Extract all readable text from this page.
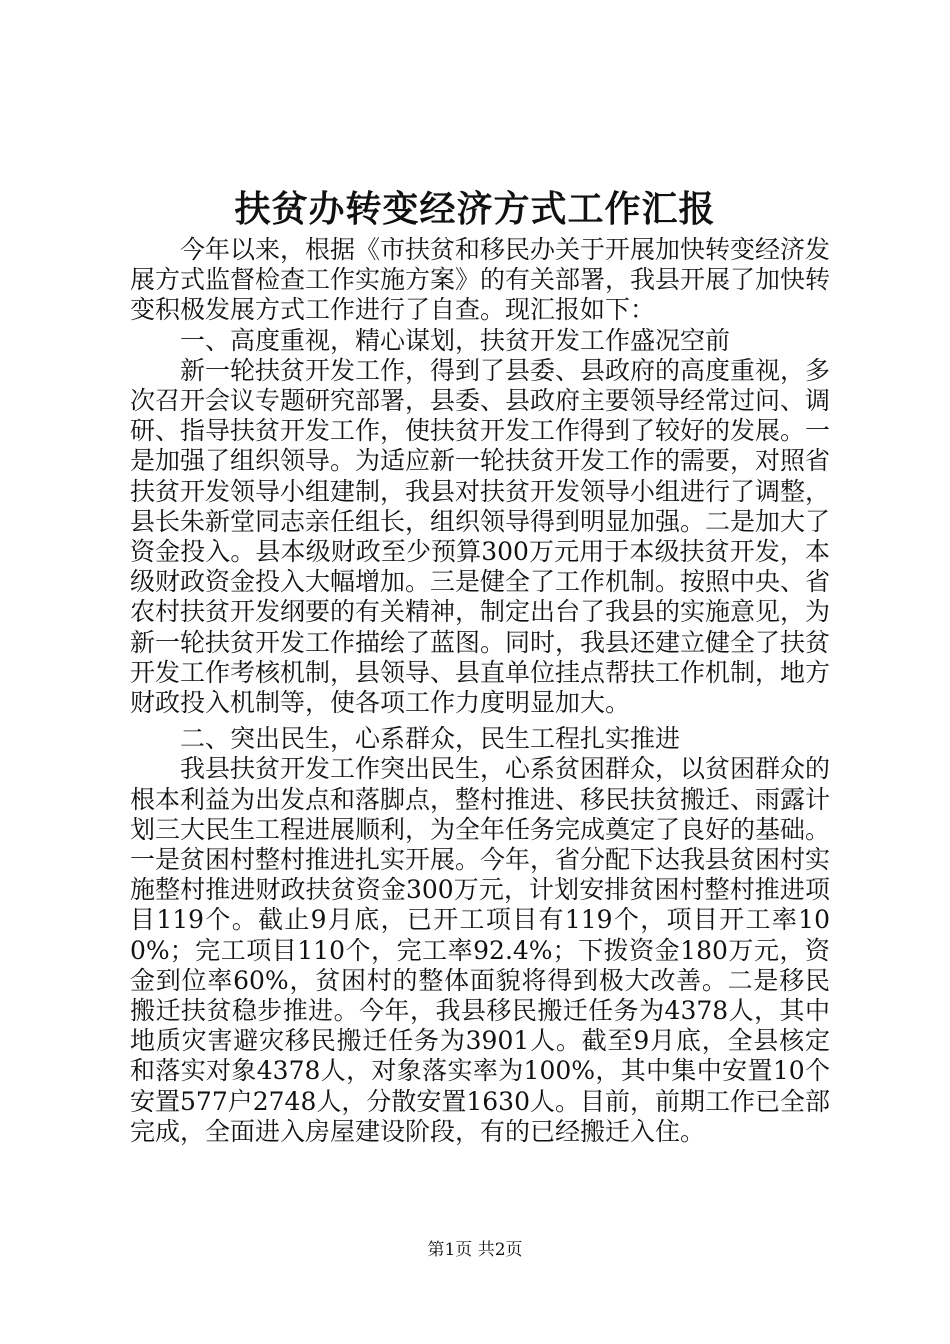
扶贫办转变经济方式工作汇报

今年以来，根据《市扶贫和移民办关于开展加快转变经济发展方式监督检查工作实施方案》的有关部署，我县开展了加快转变积极发展方式工作进行了自查。现汇报如下：

一、高度重视，精心谋划，扶贫开发工作盛况空前

新一轮扶贫开发工作，得到了县委、县政府的高度重视，多次召开会议专题研究部署，县委、县政府主要领导经常过问、调研、指导扶贫开发工作，使扶贫开发工作得到了较好的发展。一是加强了组织领导。为适应新一轮扶贫开发工作的需要，对照省扶贫开发领导小组建制，我县对扶贫开发领导小组进行了调整，县长朱新堂同志亲任组长，组织领导得到明显加强。二是加大了资金投入。县本级财政至少预算300万元用于本级扶贫开发，本级财政资金投入大幅增加。三是健全了工作机制。按照中央、省农村扶贫开发纲要的有关精神，制定出台了我县的实施意见，为新一轮扶贫开发工作描绘了蓝图。同时，我县还建立健全了扶贫开发工作考核机制，县领导、县直单位挂点帮扶工作机制，地方财政投入机制等，使各项工作力度明显加大。

二、突出民生，心系群众，民生工程扎实推进

我县扶贫开发工作突出民生，心系贫困群众，以贫困群众的根本利益为出发点和落脚点，整村推进、移民扶贫搬迁、雨露计划三大民生工程进展顺利，为全年任务完成奠定了良好的基础。一是贫困村整村推进扎实开展。今年，省分配下达我县贫困村实施整村推进财政扶贫资金300万元，计划安排贫困村整村推进项目119个。截止9月底，已开工项目有119个，项目开工率100%；完工项目110个，完工率92.4%；下拨资金180万元，资金到位率60%，贫困村的整体面貌将得到极大改善。二是移民搬迁扶贫稳步推进。今年，我县移民搬迁任务为4378人，其中地质灾害避灾移民搬迁任务为3901人。截至9月底，全县核定和落实对象4378人，对象落实率为100%，其中集中安置10个安置577户2748人，分散安置1630人。目前，前期工作已全部完成，全面进入房屋建设阶段，有的已经搬迁入住。

第1页 共2页
